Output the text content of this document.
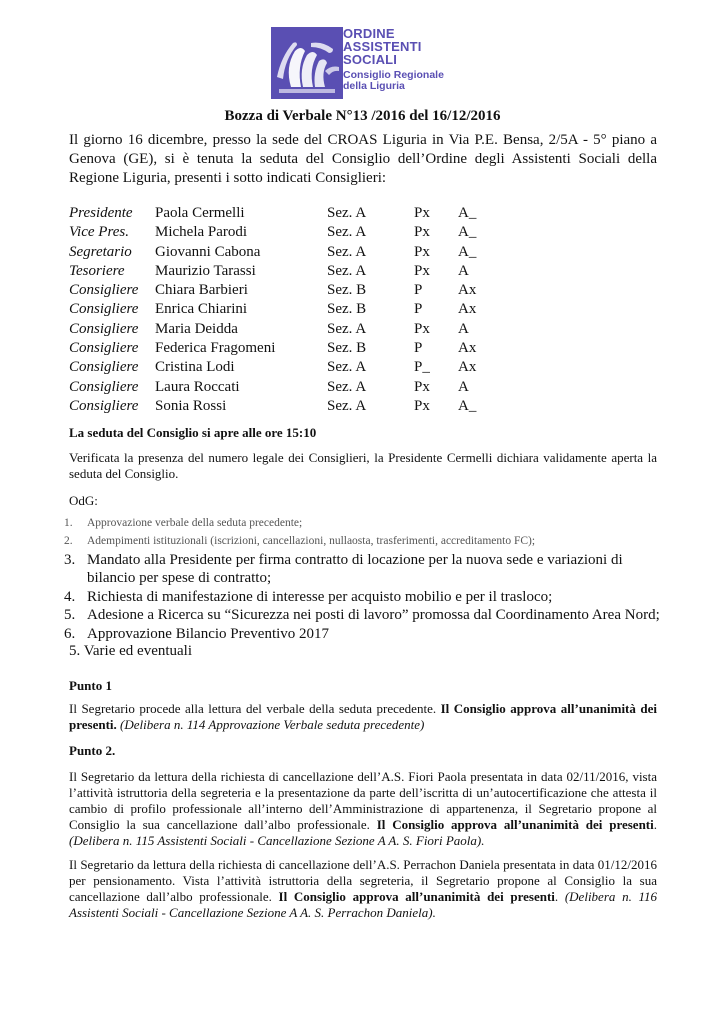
ORDINE
ASSISTENTI
SOCIALI
Consiglio Regionale
della Liguria
Bozza di Verbale N°13 /2016 del 16/12/2016

Il giorno 16 dicembre, presso la sede del CROAS Liguria in Via P.E. Bensa, 2/5A - 5° piano a Genova (GE), si è tenuta la seduta del Consiglio dell’Ordine degli Assistenti Sociali della Regione Liguria, presenti i sotto indicati Consiglieri:

Presidente	Paola Cermelli	Sez. A	Px	A_
Vice Pres.	Michela Parodi	Sez. A	Px	A_
Segretario	Giovanni Cabona	Sez. A	Px	A_
Tesoriere	Maurizio Tarassi	Sez. A	Px	A
Consigliere	Chiara Barbieri	Sez. B	P	Ax
Consigliere	Enrica Chiarini	Sez. B	P	Ax
Consigliere	Maria Deidda	Sez. A	Px	A
Consigliere	Federica Fragomeni	Sez. B	P	Ax
Consigliere	Cristina Lodi	Sez. A	P_	Ax
Consigliere	Laura Roccati	Sez. A	Px	A
Consigliere	Sonia Rossi	Sez. A	Px	A_

La seduta del Consiglio si apre alle ore 15:10

Verificata la presenza del numero legale dei Consiglieri, la Presidente Cermelli dichiara validamente aperta la seduta del Consiglio.

OdG:

1.	Approvazione verbale della seduta precedente;
2.	Adempimenti istituzionali (iscrizioni, cancellazioni, nullaosta, trasferimenti, accreditamento FC);
3. Mandato alla Presidente per firma contratto di locazione per la nuova sede e variazioni di bilancio per spese di contratto;
4. Richiesta di manifestazione di interesse per acquisto mobilio e per il trasloco;
5. Adesione a Ricerca su “Sicurezza nei posti di lavoro” promossa dal Coordinamento Area Nord;
6. Approvazione Bilancio Preventivo 2017

5. Varie ed eventuali

Punto 1

Il Segretario procede alla lettura del verbale della seduta precedente. Il Consiglio approva all’unanimità dei presenti. (Delibera n. 114 Approvazione Verbale seduta precedente)

Punto 2.

Il Segretario da lettura della richiesta di cancellazione dell’A.S. Fiori Paola presentata in data 02/11/2016, vista l’attività istruttoria della segreteria e la presentazione da parte dell’iscritta di un’autocertificazione che attesta il cambio di profilo professionale all’interno dell’Amministrazione di appartenenza, il Segretario propone al Consiglio la sua cancellazione dall’albo professionale. Il Consiglio approva all’unanimità dei presenti. (Delibera n. 115 Assistenti Sociali - Cancellazione Sezione A A. S. Fiori Paola).

Il Segretario da lettura della richiesta di cancellazione dell’A.S. Perrachon Daniela presentata in data 01/12/2016 per pensionamento. Vista l’attività istruttoria della segreteria, il Segretario propone al Consiglio la sua cancellazione dall’albo professionale. Il Consiglio approva all’unanimità dei presenti. (Delibera n. 116 Assistenti Sociali - Cancellazione Sezione A A. S. Perrachon Daniela).
